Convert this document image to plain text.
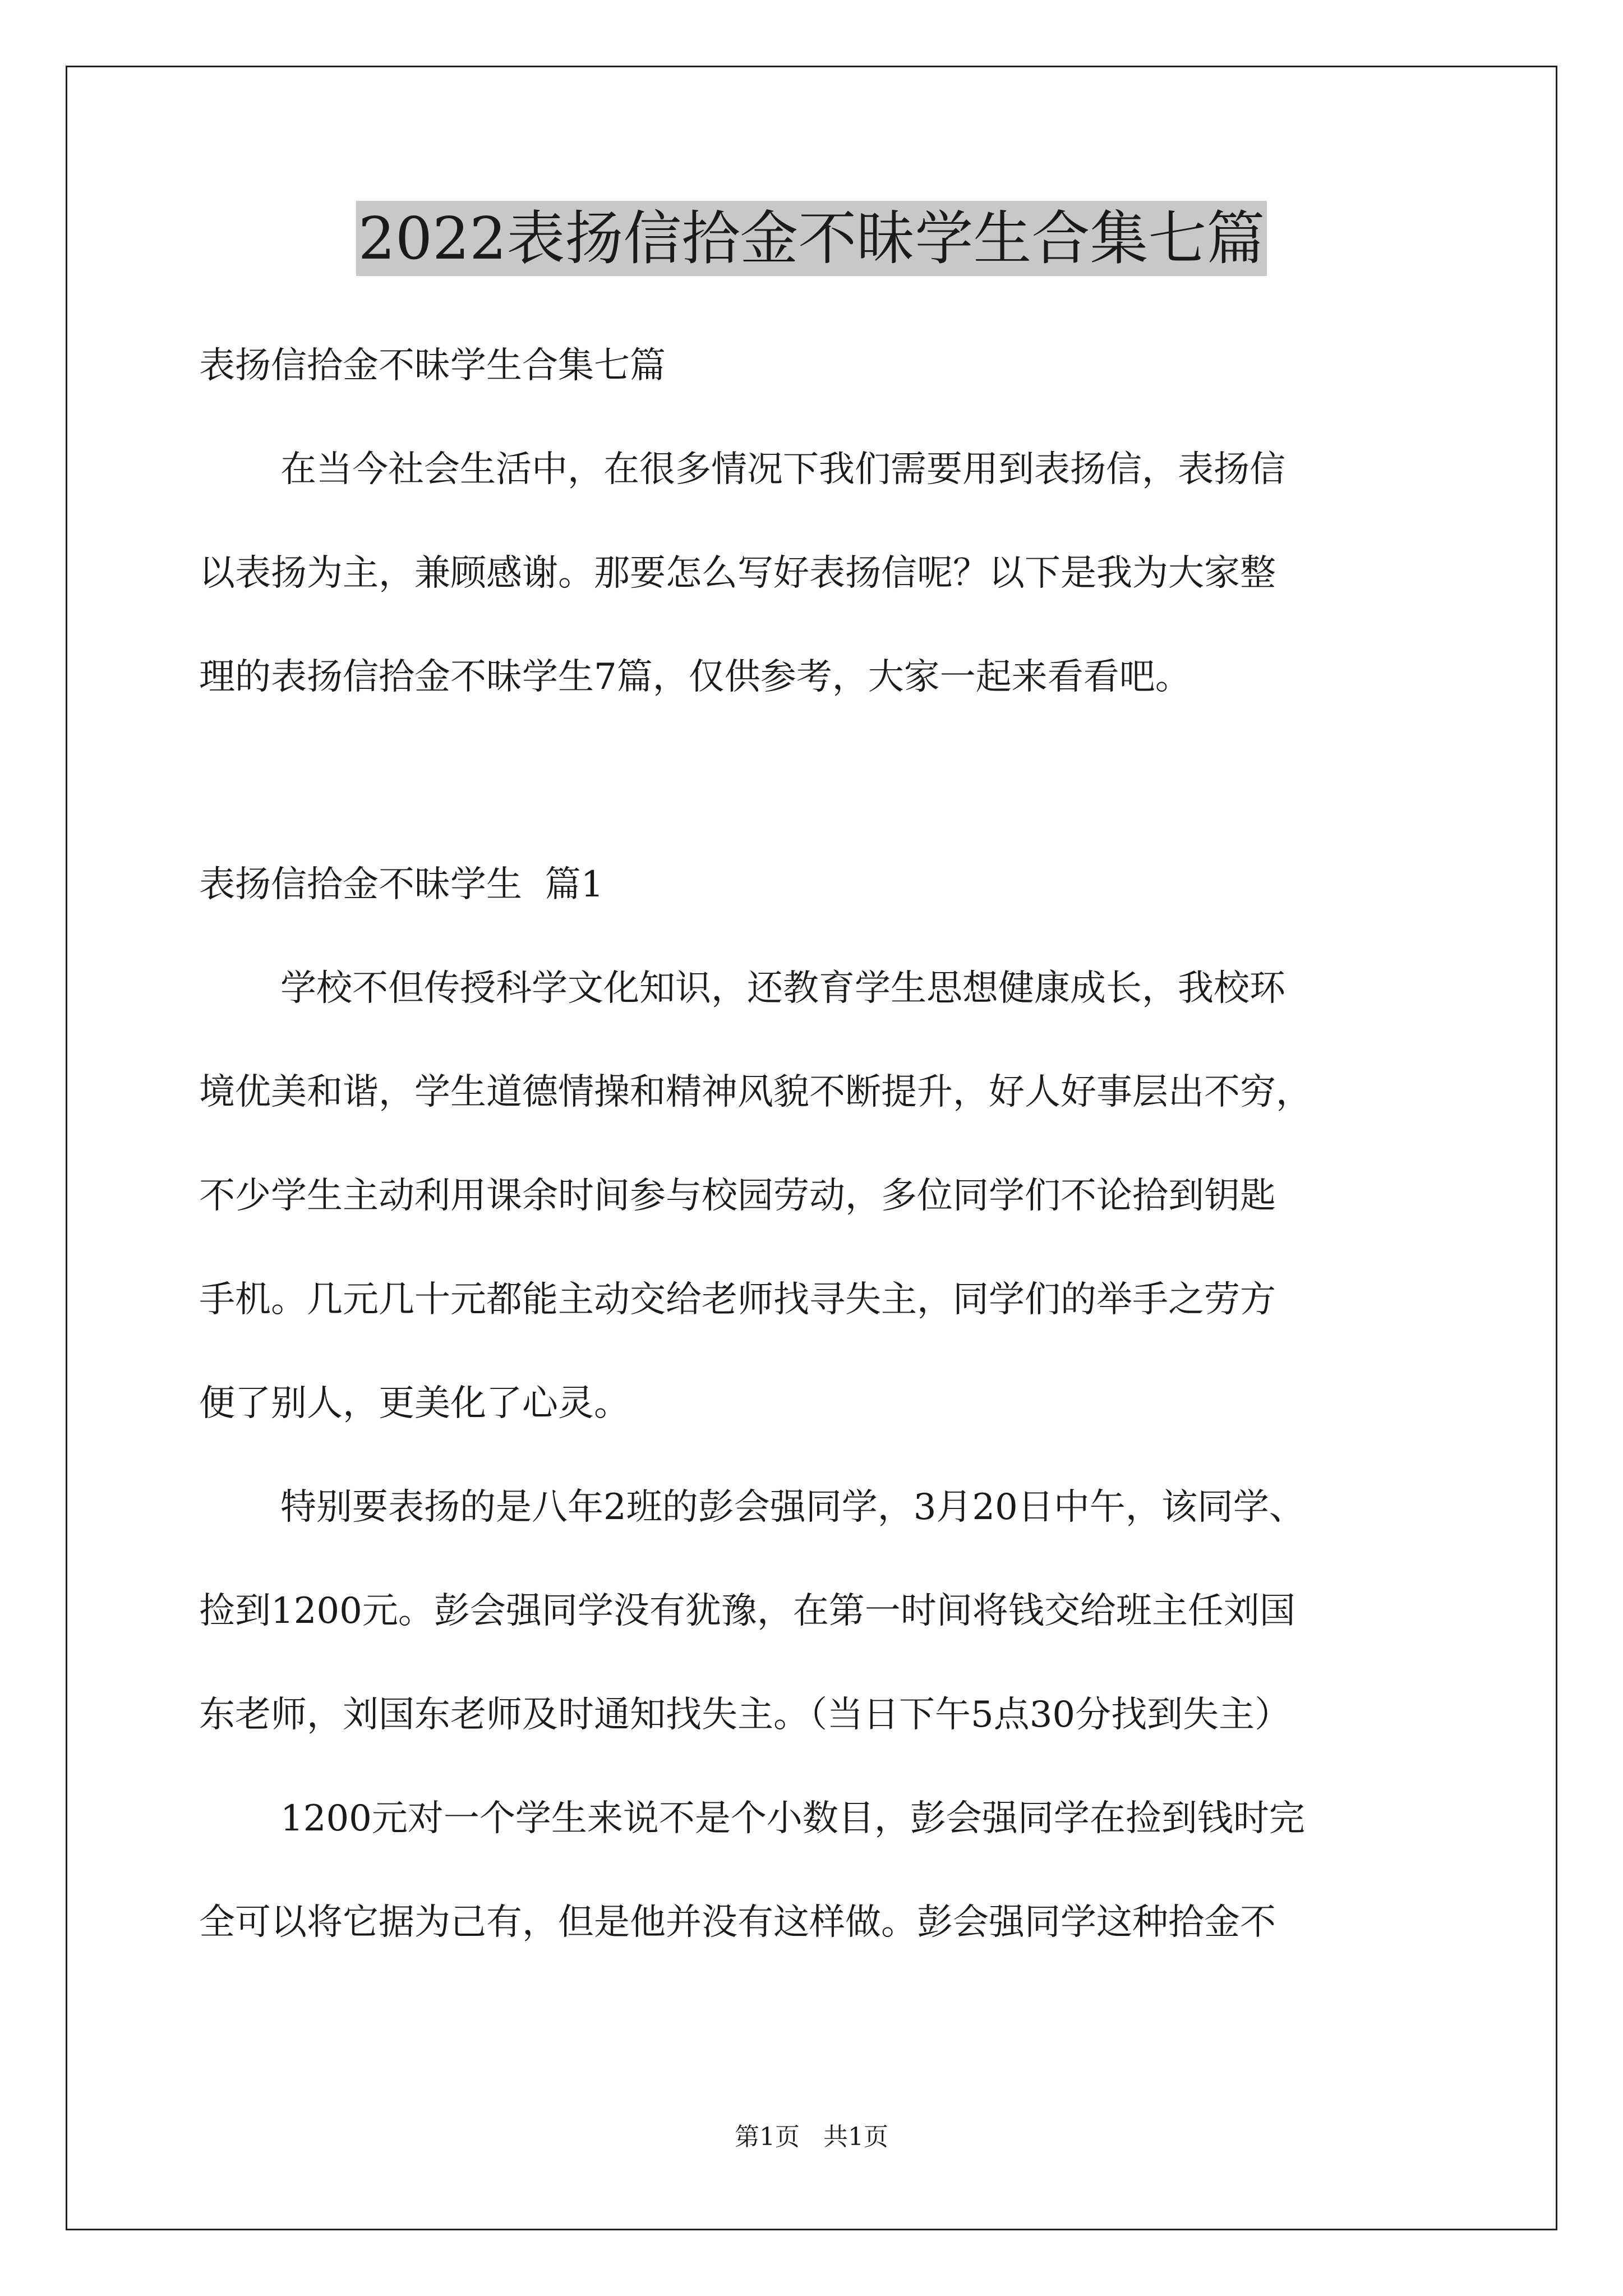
2022表扬信拾金不昧学生合集七篇
表扬信拾金不昧学生合集七篇
在当今社会生活中，在很多情况下我们需要用到表扬信，表扬信
以表扬为主，兼顾感谢。那要怎么写好表扬信呢？以下是我为大家整
理的表扬信拾金不昧学生7篇，仅供参考，大家一起来看看吧。
表扬信拾金不昧学生  篇1
学校不但传授科学文化知识，还教育学生思想健康成长，我校环
境优美和谐，学生道德情操和精神风貌不断提升，好人好事层出不穷，
不少学生主动利用课余时间参与校园劳动，多位同学们不论拾到钥匙
手机。几元几十元都能主动交给老师找寻失主，同学们的举手之劳方
便了别人，更美化了心灵。
特别要表扬的是八年2班的彭会强同学，3月20日中午，该同学、
捡到1200元。彭会强同学没有犹豫，在第一时间将钱交给班主任刘国
东老师，刘国东老师及时通知找失主。（当日下午5点30分找到失主）
1200元对一个学生来说不是个小数目，彭会强同学在捡到钱时完
全可以将它据为己有，但是他并没有这样做。彭会强同学这种拾金不
第1页 共1页
